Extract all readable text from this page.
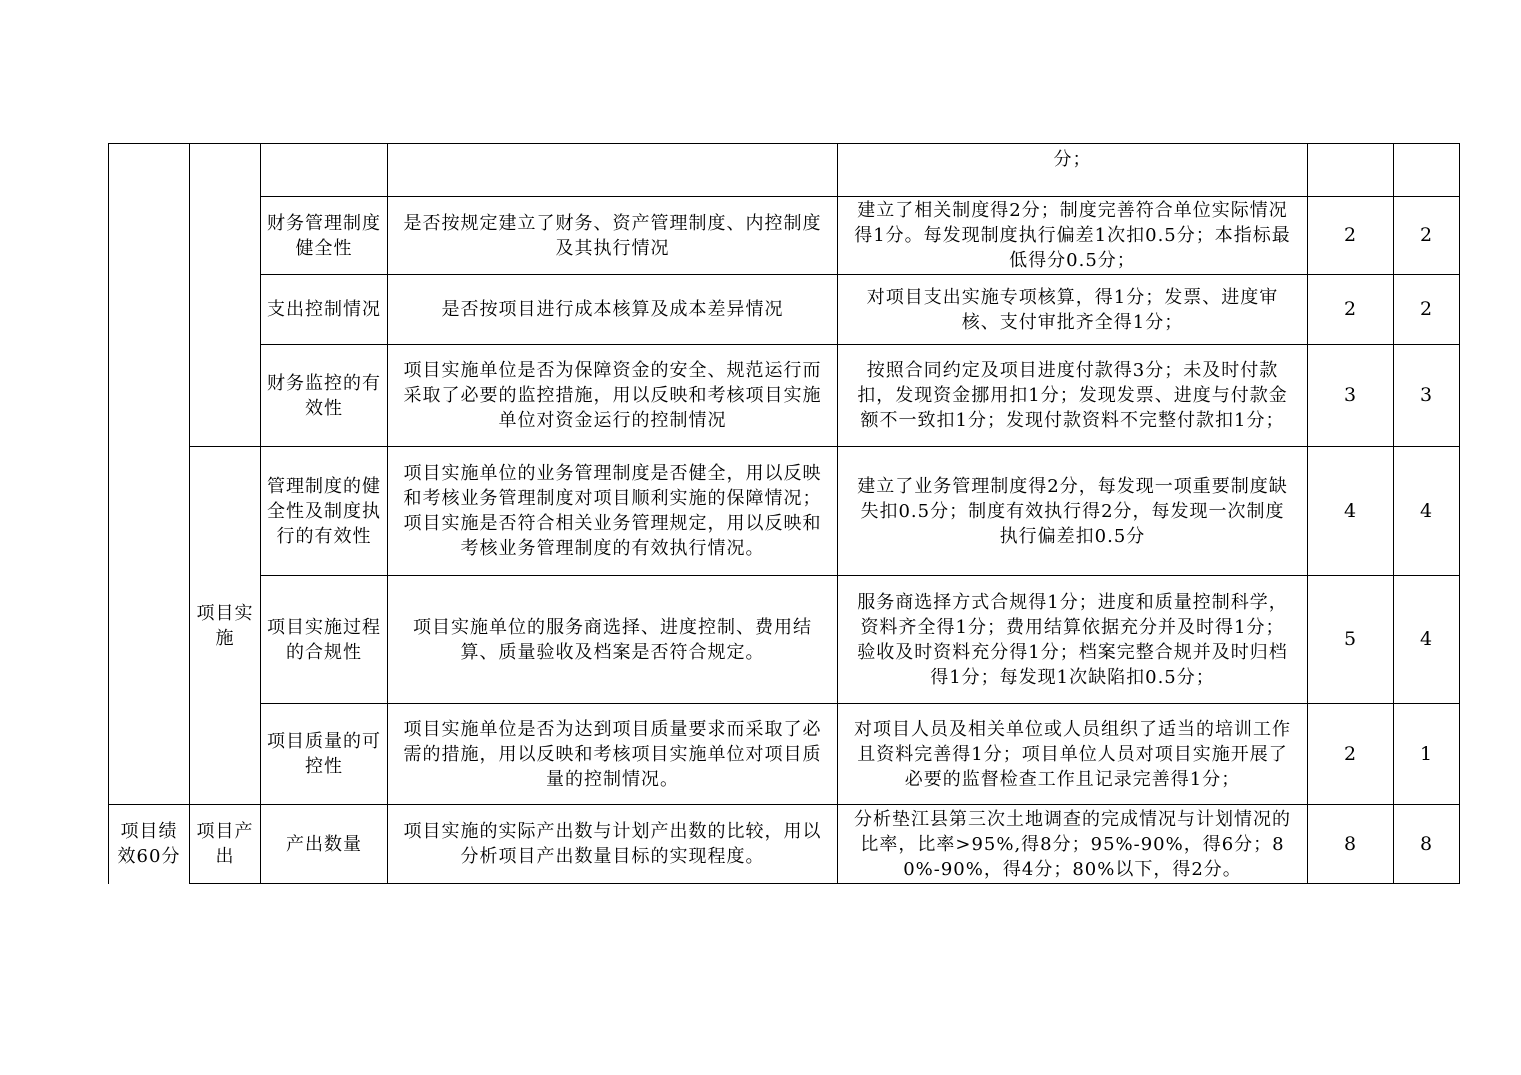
				分；		
		财务管理制度健全性	是否按规定建立了财务、资产管理制度、内控制度及其执行情况	建立了相关制度得2分；制度完善符合单位实际情况得1分。每发现制度执行偏差1次扣0.5分；本指标最低得分0.5分；	2	2
		支出控制情况	是否按项目进行成本核算及成本差异情况	对项目支出实施专项核算，得1分；发票、进度审核、支付审批齐全得1分；	2	2
		财务监控的有效性	项目实施单位是否为保障资金的安全、规范运行而采取了必要的监控措施，用以反映和考核项目实施单位对资金运行的控制情况	按照合同约定及项目进度付款得3分；未及时付款扣，发现资金挪用扣1分；发现发票、进度与付款金额不一致扣1分；发现付款资料不完整付款扣1分；	3	3
	项目实施	管理制度的健全性及制度执行的有效性	项目实施单位的业务管理制度是否健全，用以反映和考核业务管理制度对项目顺利实施的保障情况；项目实施是否符合相关业务管理规定，用以反映和考核业务管理制度的有效执行情况。	建立了业务管理制度得2分，每发现一项重要制度缺失扣0.5分；制度有效执行得2分，每发现一次制度执行偏差扣0.5分	4	4
		项目实施过程的合规性	项目实施单位的服务商选择、进度控制、费用结算、质量验收及档案是否符合规定。	服务商选择方式合规得1分；进度和质量控制科学，资料齐全得1分；费用结算依据充分并及时得1分；验收及时资料充分得1分；档案完整合规并及时归档得1分；每发现1次缺陷扣0.5分；	5	4
		项目质量的可控性	项目实施单位是否为达到项目质量要求而采取了必需的措施，用以反映和考核项目实施单位对项目质量的控制情况。	对项目人员及相关单位或人员组织了适当的培训工作且资料完善得1分；项目单位人员对项目实施开展了必要的监督检查工作且记录完善得1分；	2	1
项目绩效60分	项目产出	产出数量	项目实施的实际产出数与计划产出数的比较，用以分析项目产出数量目标的实现程度。	分析垫江县第三次土地调查的完成情况与计划情况的比率，比率>95%,得8分；95%-90%，得6分；80%-90%，得4分；80%以下，得2分。	8	8
